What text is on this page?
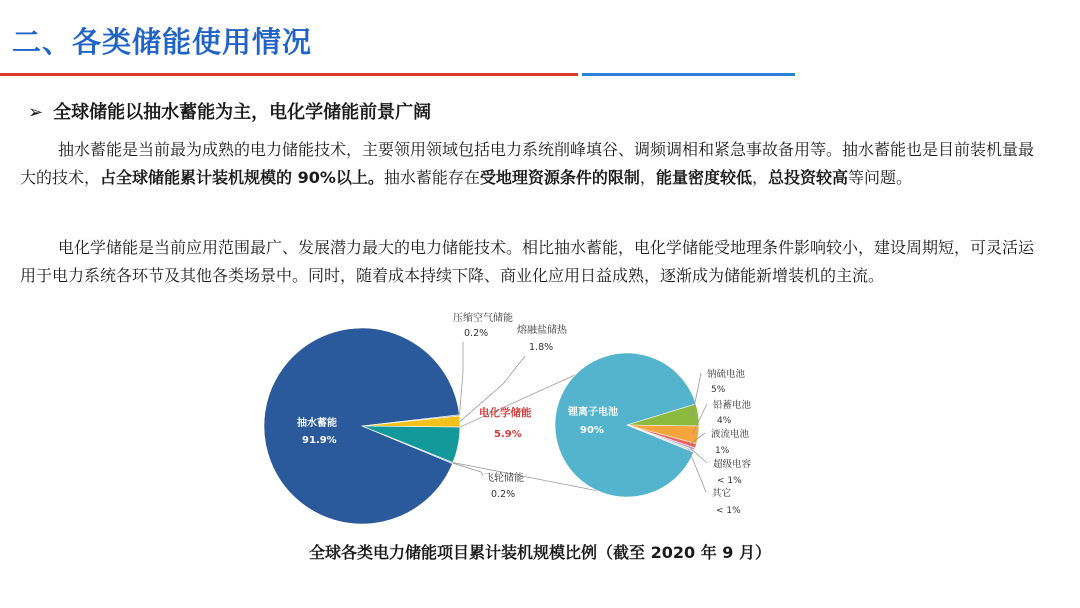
二、各类储能使用情况
➢ 全球储能以抽水蓄能为主，电化学储能前景广阔
抽水蓄能是当前最为成熟的电力储能技术，主要领用领域包括电力系统削峰填谷、调频调相和紧急事故备用等。抽水蓄能也是目前装机量最大的技术，占全球储能累计装机规模的 90%以上。抽水蓄能存在受地理资源条件的限制，能量密度较低，总投资较高等问题。
电化学储能是当前应用范围最广、发展潜力最大的电力储能技术。相比抽水蓄能，电化学储能受地理条件影响较小，建设周期短，可灵活运用于电力系统各环节及其他各类场景中。同时，随着成本持续下降、商业化应用日益成熟，逐渐成为储能新增装机的主流。
抽水蓄能
91.9%
压缩空气储能
0.2%	熔融盐储热
1.8%
电化学储能
5.9%
飞轮储能
0.2%
锂离子电池
90%
钠硫电池
5%
铅蓄电池
4%
液流电池
1%
超级电容
< 1%
其它
< 1%
全球各类电力储能项目累计装机规模比例（截至 2020 年 9 月）
